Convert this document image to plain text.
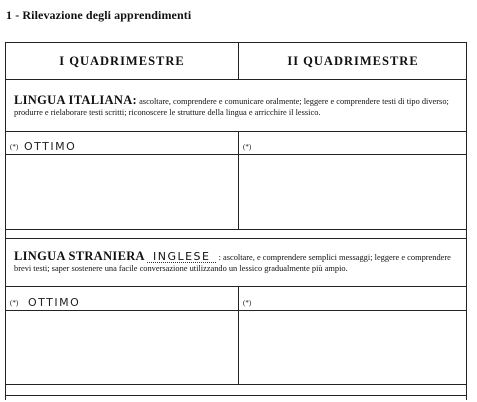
1 - Rilevazione degli apprendimenti
I QUADRIMESTRE	II QUADRIMESTRE
LINGUA ITALIANA: ascoltare, comprendere e comunicare oralmente; leggere e comprendere testi di tipo diverso; produrre e rielaborare testi scritti; riconoscere le strutture della lingua e arricchire il lessico.
(*) OTTIMO	(*)
LINGUA STRANIERA INGLESE : ascoltare, e comprendere semplici messaggi; leggere e comprendere brevi testi; saper sostenere una facile conversazione utilizzando un lessico gradualmente più ampio.
(*) OTTIMO	(*)
